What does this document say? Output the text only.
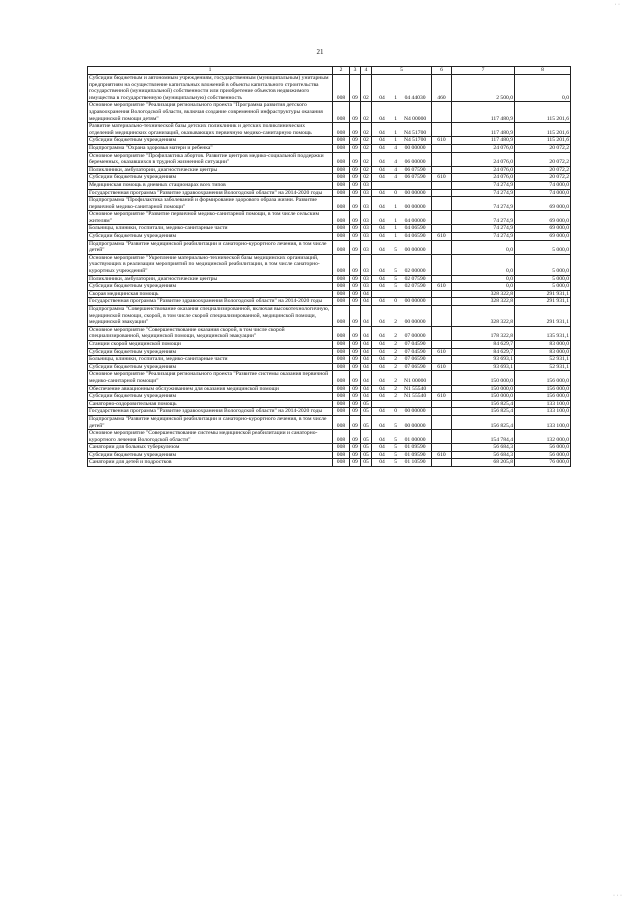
· ·
21
1	2	3	4	5	6	7	8
Субсидии бюджетным и автономным учреждениям, государственным (муниципальным) унитарным предприятиям на осуществление капитальных вложений в объекты капитального строительства государственной (муниципальной) собственности или приобретение объектов недвижимого имущества в государственную (муниципальную) собственность	008	09	02	04 1 04 44030	460	2 500,0	0,0
Основное мероприятие "Реализация регионального проекта "Программа развития детского здравоохранения Вологодской области, включая создание современной инфраструктуры оказания медицинской помощи детям"	008	09	02	04 1 N4 00000		117 480,9	115 201,6
Развитие материально-технической базы детских поликлиник и детских поликлинических отделений медицинских организаций, оказывающих первичную медико-санитарную помощь	008	09	02	04 1 N4 51700		117 480,9	115 201,6
Субсидии бюджетным учреждениям	008	09	02	04 1 N4 51700	610	117 480,9	115 201,6
Подпрограмма "Охрана здоровья матери и ребенка"	008	09	02	04 4 00 00000		24 076,0	20 072,2
Основное мероприятие "Профилактика абортов. Развитие центров медико-социальной поддержки беременных, оказавшихся в трудной жизненной ситуации"	008	09	02	04 4 06 00000		24 076,0	20 072,2
Поликлиники, амбулатории, диагностические центры	008	09	02	04 4 06 07590		24 076,0	20 072,2
Субсидии бюджетным учреждениям	008	09	02	04 4 06 07590	610	24 076,0	20 072,2
Медицинская помощь в дневных стационарах всех типов	008	09	03			74 274,9	74 000,0
Государственная программа "Развитие здравоохранения Вологодской области" на 2014-2020 годы	008	09	03	04 0 00 00000		74 274,9	74 000,0
Подпрограмма "Профилактика заболеваний и формирование здорового образа жизни. Развитие первичной медико-санитарной помощи"	008	09	03	04 1 00 00000		74 274,9	69 000,0
Основное мероприятие "Развитие первичной медико-санитарной помощи, в том числе сельским жителям"	008	09	03	04 1 04 00000		74 274,9	69 000,0
Больницы, клиники, госпитали, медико-санитарные части	008	09	03	04 1 04 06590		74 274,9	69 000,0
Субсидии бюджетным учреждениям	008	09	03	04 1 04 06590	610	74 274,9	69 000,0
Подпрограмма "Развитие медицинской реабилитации и санаторно-курортного лечения, в том числе детей"	008	09	03	04 5 00 00000		0,0	5 000,0
Основное мероприятие "Укрепление материально-технической базы медицинских организаций, участвующих в реализации мероприятий по медицинской реабилитации, в том числе санаторно-курортных учреждений"	008	09	03	04 5 02 00000		0,0	5 000,0
Поликлиники, амбулатории, диагностические центры	008	09	03	04 5 02 07590		0,0	5 000,0
Субсидии бюджетным учреждениям	008	09	03	04 5 02 07590	610	0,0	5 000,0
Скорая медицинская помощь	008	09	04			328 322,8	291 931,1
Государственная программа "Развитие здравоохранения Вологодской области" на 2014-2020 годы	008	09	04	04 0 00 00000		328 322,8	291 931,1
Подпрограмма "Совершенствование оказания специализированной, включая высокотехнологичную, медицинской помощи, скорой, в том числе скорой специализированной, медицинской помощи, медицинской эвакуации"	008	09	04	04 2 00 00000		328 322,8	291 931,1
Основное мероприятие "Совершенствование оказания скорой, в том числе скорой специализированной, медицинской помощи, медицинской эвакуации"	008	09	04	04 2 07 00000		178 322,8	135 931,1
Станции скорой медицинской помощи	008	09	04	04 2 07 04590		84 629,7	83 000,0
Субсидии бюджетным учреждениям	008	09	04	04 2 07 04590	610	84 629,7	83 000,0
Больницы, клиники, госпитали, медико-санитарные части	008	09	04	04 2 07 06590		93 693,1	52 931,1
Субсидии бюджетным учреждениям	008	09	04	04 2 07 06590	610	93 693,1	52 931,1
Основное мероприятие "Реализация регионального проекта "Развитие системы оказания первичной медико-санитарной помощи"	008	09	04	04 2 N1 00000		150 000,0	156 000,0
Обеспечение авиационным обслуживанием для оказания медицинской помощи	008	09	04	04 2 N1 55540		150 000,0	156 000,0
Субсидии бюджетным учреждениям	008	09	04	04 2 N1 55540	610	150 000,0	156 000,0
Санаторно-оздоровительная помощь	008	09	05			156 825,4	133 100,0
Государственная программа "Развитие здравоохранения Вологодской области" на 2014-2020 годы	008	09	05	04 0 00 00000		156 825,4	133 100,0
Подпрограмма "Развитие медицинской реабилитации и санаторно-курортного лечения, в том числе детей"	008	09	05	04 5 00 00000		156 825,4	133 100,0
Основное мероприятие "Совершенствование системы медицинской реабилитации и санаторно-курортного лечения Вологодской области"	008	09	05	04 5 01 00000		154 784,4	132 000,0
Санатории для больных туберкулезом	008	09	05	04 5 01 09590		56 684,3	56 000,0
Субсидии бюджетным учреждениям	008	09	05	04 5 01 09590	610	56 684,3	56 000,0
Санатории для детей и подростков	008	09	05	04 5 01 10590		68 205,8	76 000,0
· · ·
